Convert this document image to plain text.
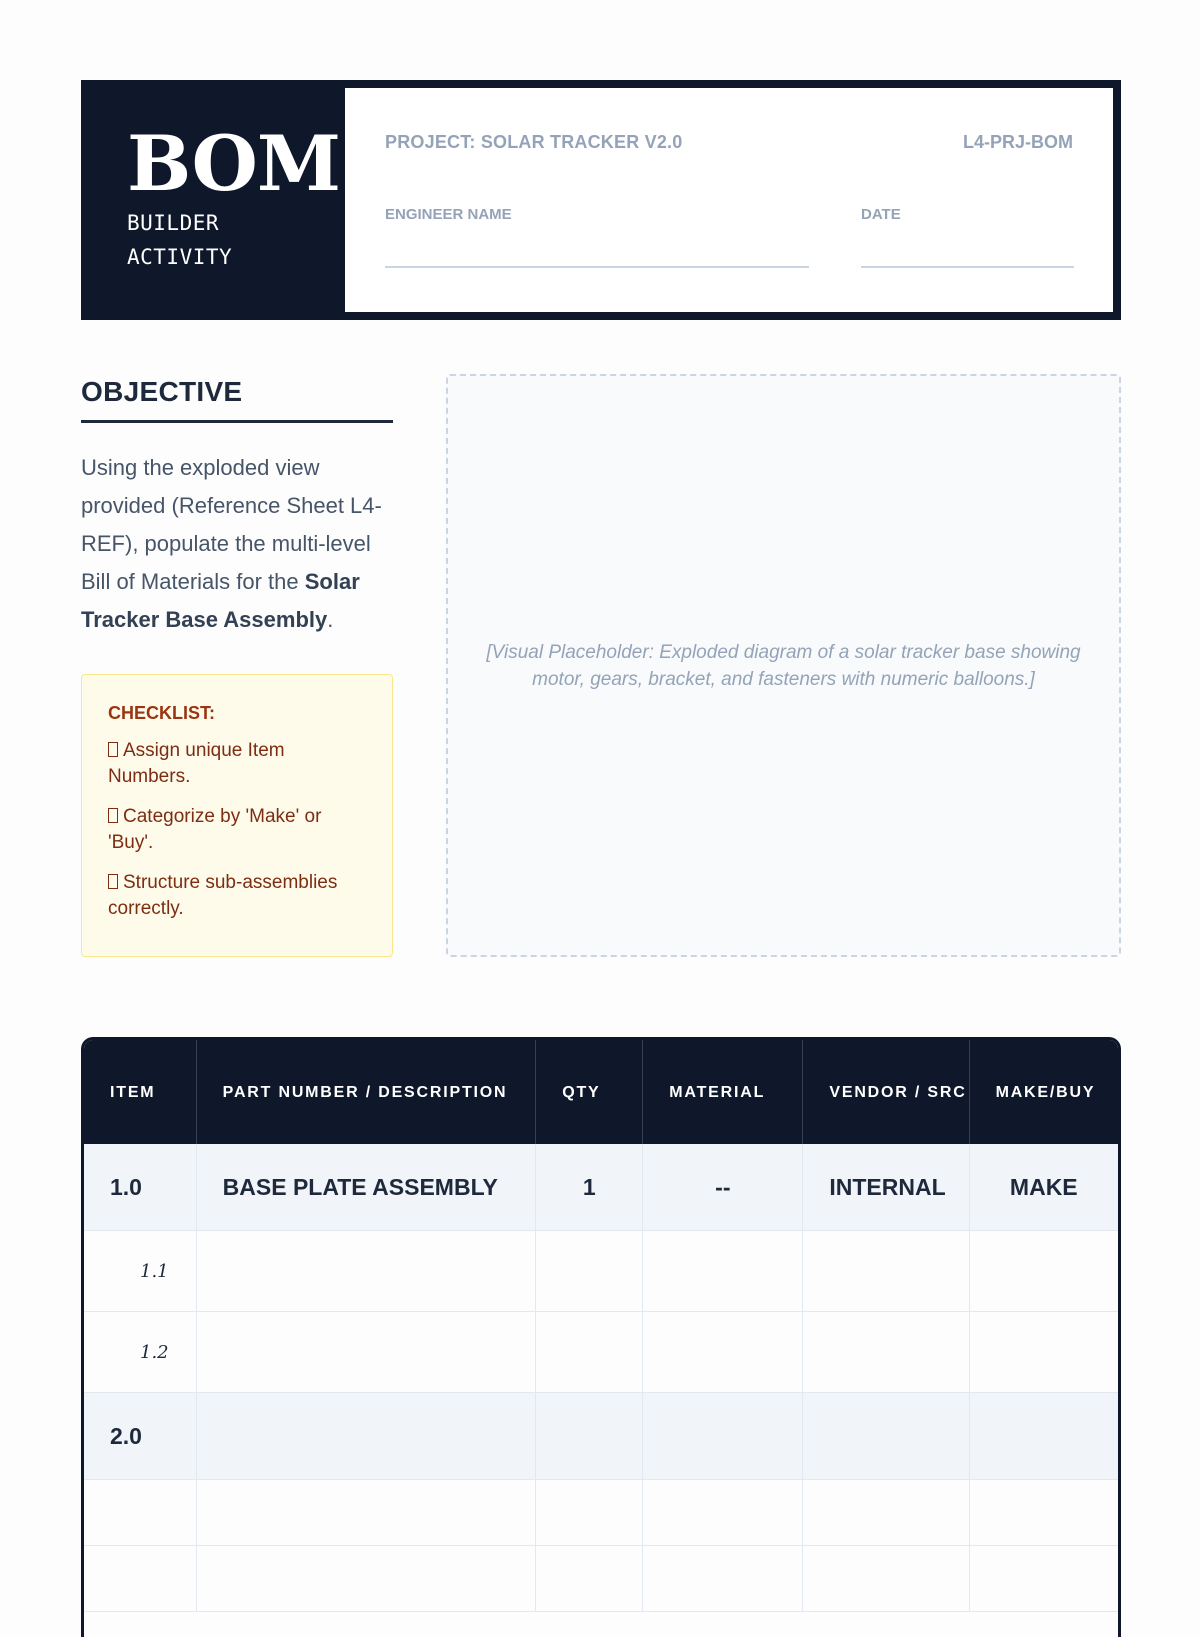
BOM
BUILDER
ACTIVITY
PROJECT: SOLAR TRACKER V2.0	L4-PRJ-BOM
ENGINEER NAME	DATE
OBJECTIVE
Using the exploded view provided (Reference Sheet L4-REF), populate the multi-level Bill of Materials for the Solar Tracker Base Assembly.
CHECKLIST:
Assign unique Item Numbers.
Categorize by 'Make' or 'Buy'.
Structure sub-assemblies correctly.
[Visual Placeholder: Exploded diagram of a solar tracker base showing motor, gears, bracket, and fasteners with numeric balloons.]
ITEM	PART NUMBER / DESCRIPTION	QTY	MATERIAL	VENDOR / SRC	MAKE/BUY
1.0	BASE PLATE ASSEMBLY	1	--	INTERNAL	MAKE
1.1					
1.2					
2.0					
